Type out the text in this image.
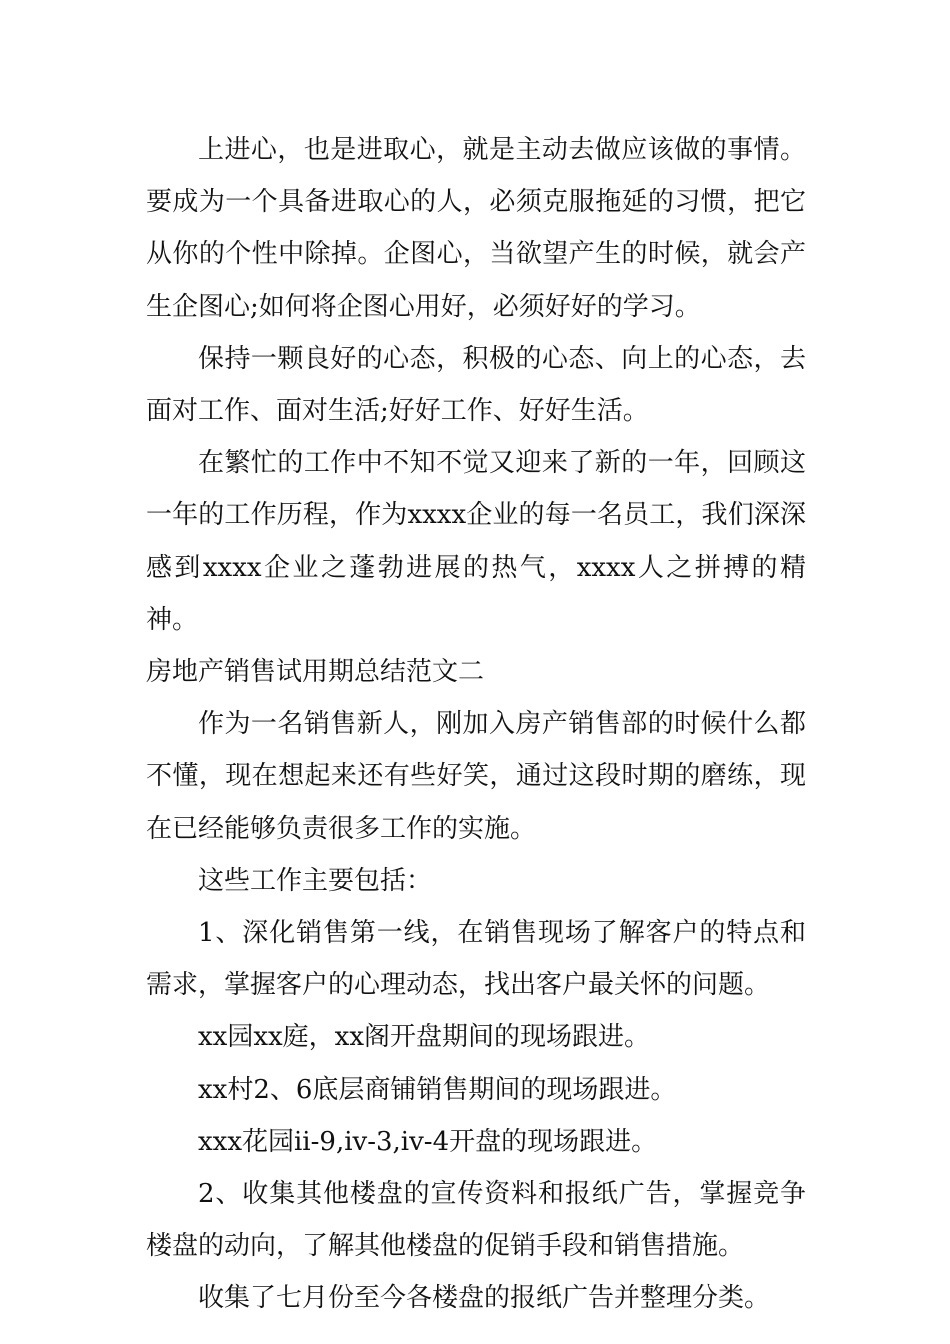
上进心，也是进取心，就是主动去做应该做的事情。要成为一个具备进取心的人，必须克服拖延的习惯，把它从你的个性中除掉。企图心，当欲望产生的时候，就会产生企图心;如何将企图心用好，必须好好的学习。

保持一颗良好的心态，积极的心态、向上的心态，去面对工作、面对生活;好好工作、好好生活。

在繁忙的工作中不知不觉又迎来了新的一年，回顾这一年的工作历程，作为xxxx企业的每一名员工，我们深深感到xxxx企业之蓬勃进展的热气，xxxx人之拼搏的精神。

房地产销售试用期总结范文二

作为一名销售新人，刚加入房产销售部的时候什么都不懂，现在想起来还有些好笑，通过这段时期的磨练，现在已经能够负责很多工作的实施。

这些工作主要包括：

1、深化销售第一线，在销售现场了解客户的特点和需求，掌握客户的心理动态，找出客户最关怀的问题。

xx园xx庭，xx阁开盘期间的现场跟进。

xx村2、6底层商铺销售期间的现场跟进。

xxx花园ii-9,iv-3,iv-4开盘的现场跟进。

2、收集其他楼盘的宣传资料和报纸广告，掌握竞争楼盘的动向，了解其他楼盘的促销手段和销售措施。

收集了七月份至今各楼盘的报纸广告并整理分类。
